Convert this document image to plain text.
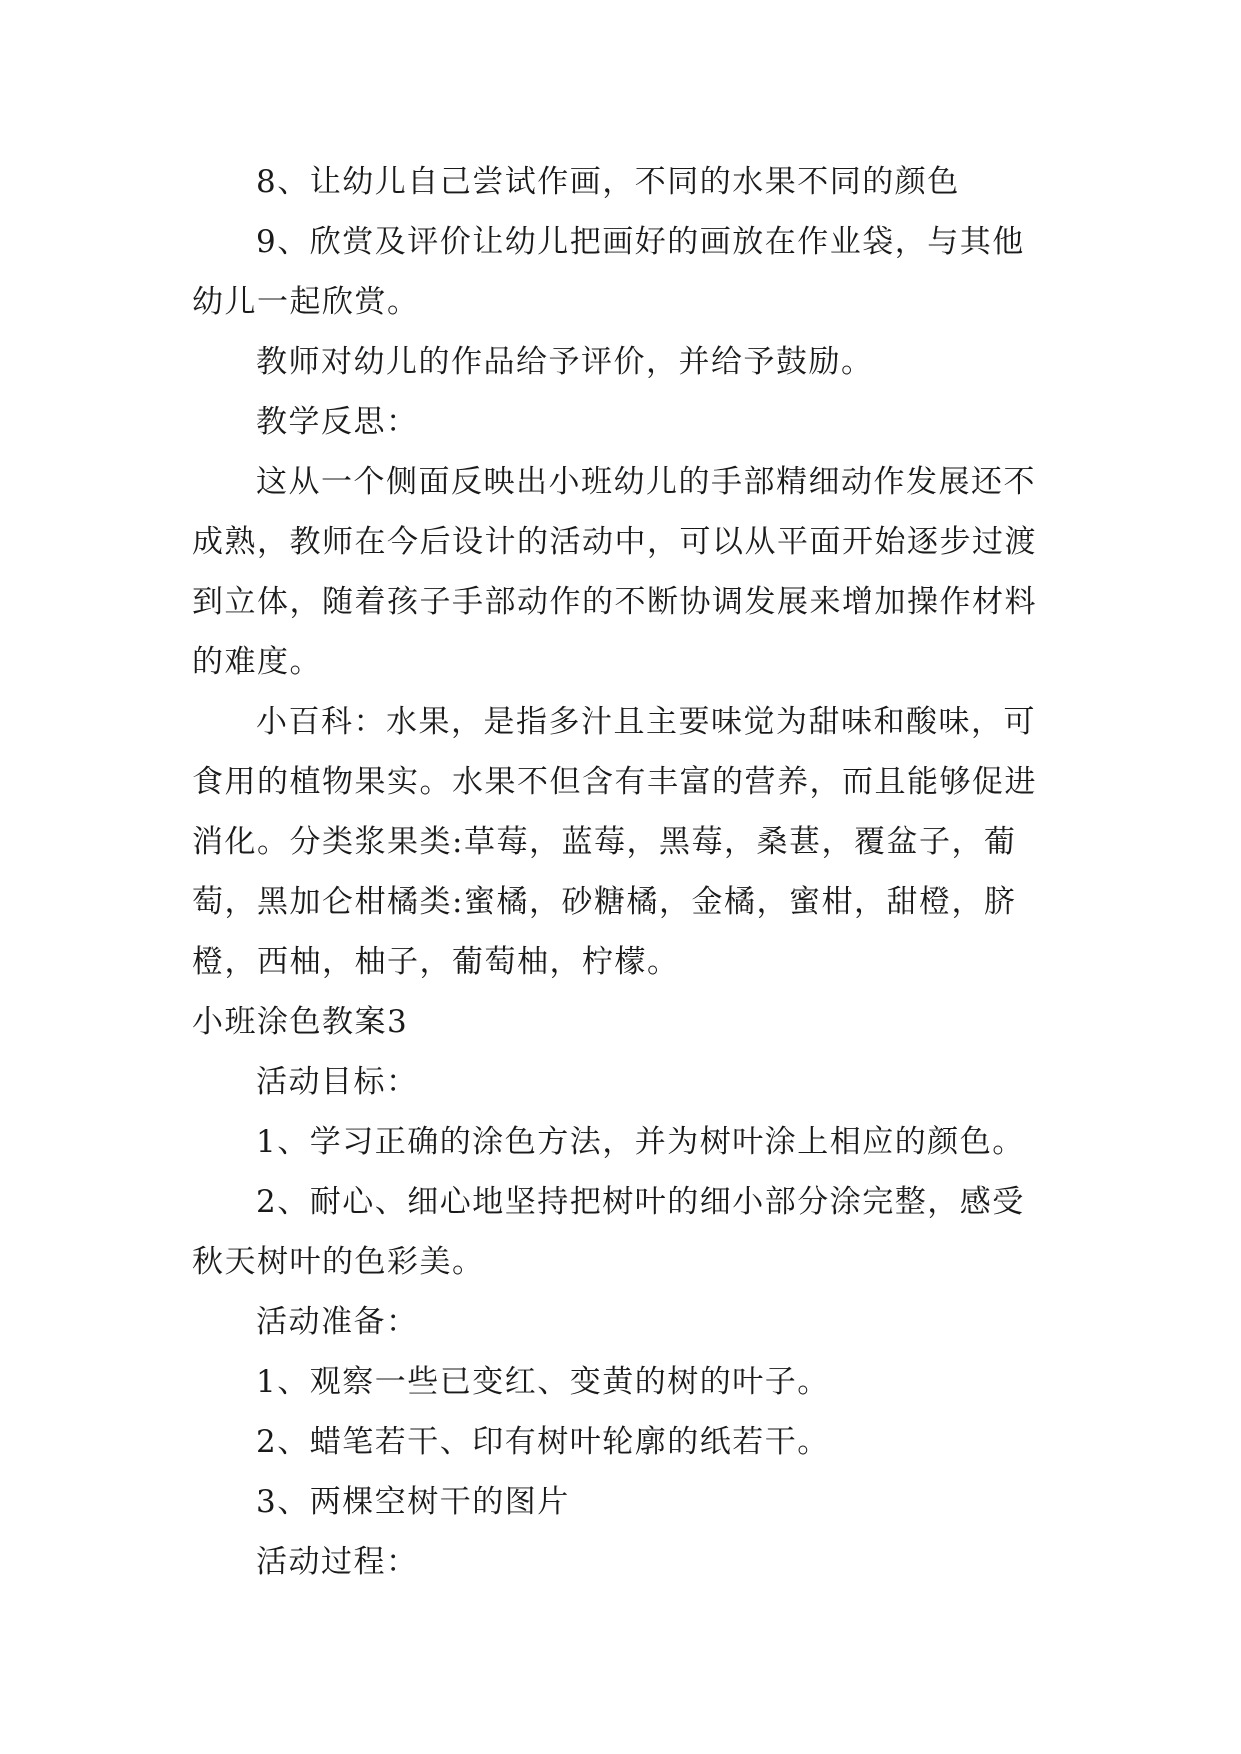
8、让幼儿自己尝试作画，不同的水果不同的颜色

9、欣赏及评价让幼儿把画好的画放在作业袋，与其他幼儿一起欣赏。

教师对幼儿的作品给予评价，并给予鼓励。

教学反思：

这从一个侧面反映出小班幼儿的手部精细动作发展还不成熟，教师在今后设计的活动中，可以从平面开始逐步过渡到立体，随着孩子手部动作的不断协调发展来增加操作材料的难度。

小百科：水果，是指多汁且主要味觉为甜味和酸味，可食用的植物果实。水果不但含有丰富的营养，而且能够促进消化。分类浆果类:草莓，蓝莓，黑莓，桑葚，覆盆子，葡萄，黑加仑柑橘类:蜜橘，砂糖橘，金橘，蜜柑，甜橙，脐橙，西柚，柚子，葡萄柚，柠檬。

小班涂色教案3

活动目标：

1、学习正确的涂色方法，并为树叶涂上相应的颜色。

2、耐心、细心地坚持把树叶的细小部分涂完整，感受秋天树叶的色彩美。

活动准备：

1、观察一些已变红、变黄的树的叶子。

2、蜡笔若干、印有树叶轮廓的纸若干。

3、两棵空树干的图片

活动过程：
